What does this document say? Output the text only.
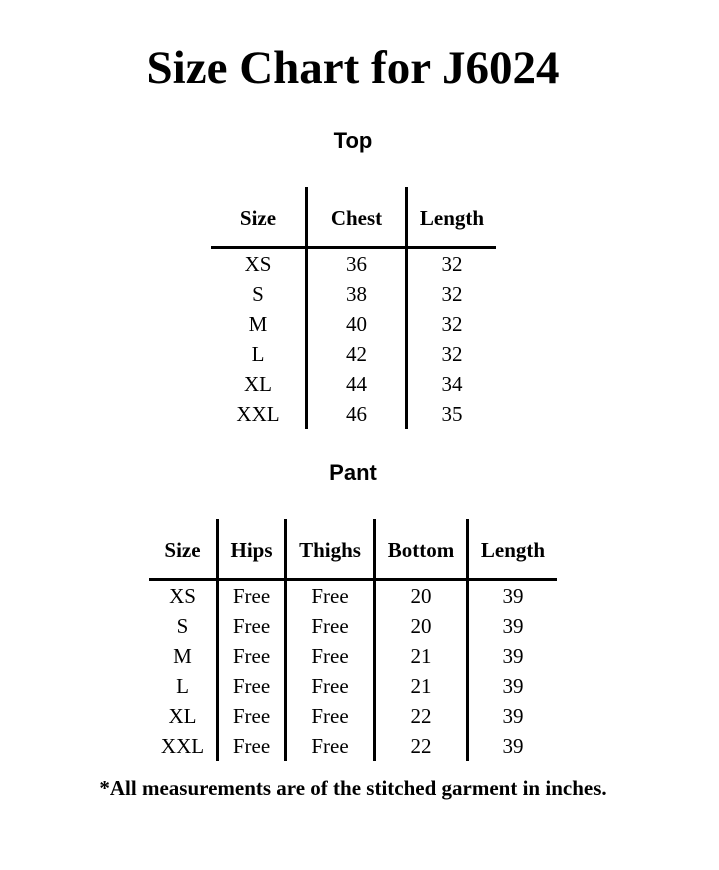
Size Chart for J6024
Top
Size	Chest	Length
XS	36	32
S	38	32
M	40	32
L	42	32
XL	44	34
XXL	46	35
Pant
Size	Hips	Thighs	Bottom	Length
XS	Free	Free	20	39
S	Free	Free	20	39
M	Free	Free	21	39
L	Free	Free	21	39
XL	Free	Free	22	39
XXL	Free	Free	22	39
*All measurements are of the stitched garment in inches.
